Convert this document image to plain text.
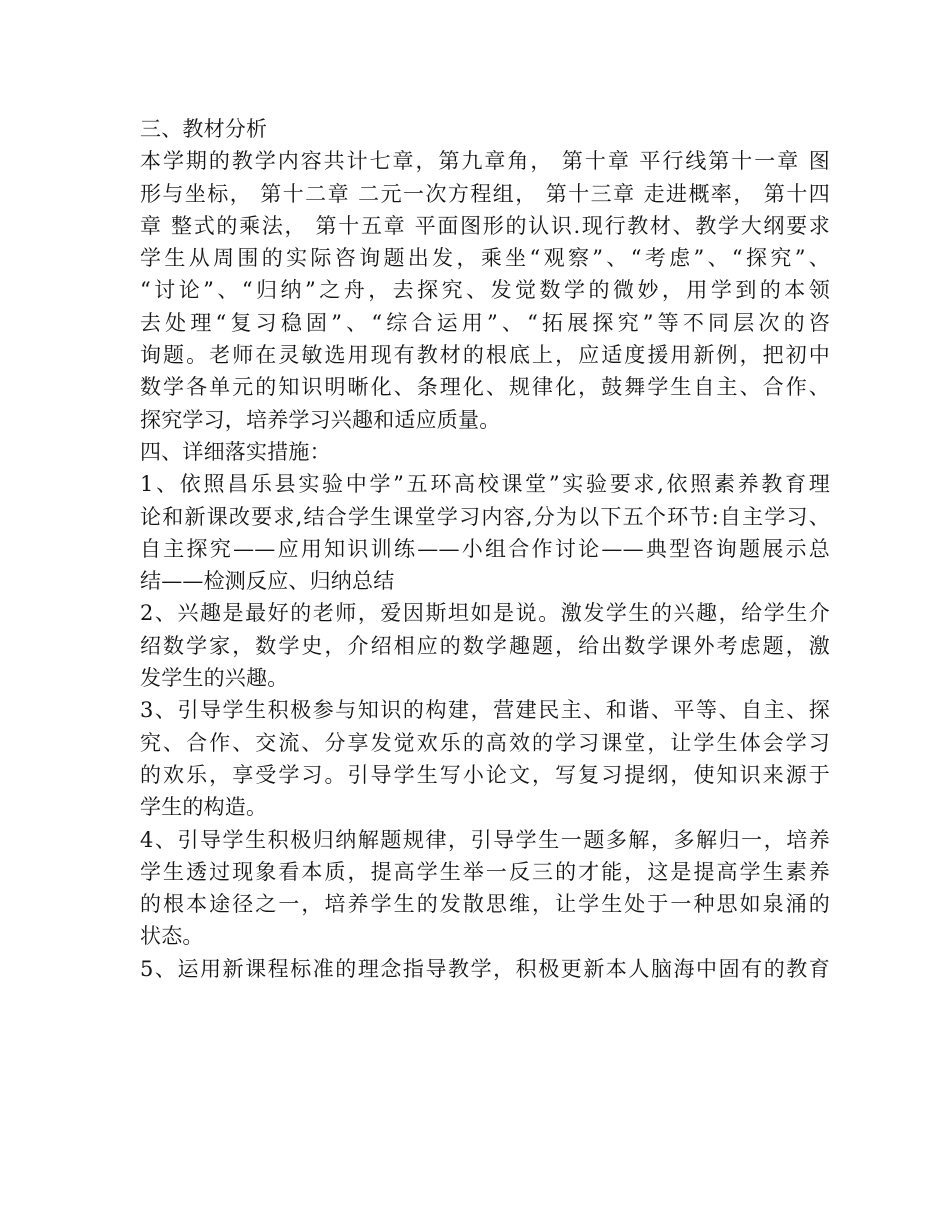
三、教材分析
本学期的教学内容共计七章，第九章角， 第十章 平行线第十一章 图
形与坐标， 第十二章 二元一次方程组， 第十三章 走进概率， 第十四
章 整式的乘法， 第十五章 平面图形的认识.现行教材、教学大纲要求
学生从周围的实际咨询题出发，乘坐“观察”、“考虑”、“探究”、
“讨论”、“归纳”之舟，去探究、发觉数学的微妙，用学到的本领
去处理“复习稳固”、“综合运用”、“拓展探究”等不同层次的咨
询题。老师在灵敏选用现有教材的根底上，应适度援用新例，把初中
数学各单元的知识明晰化、条理化、规律化，鼓舞学生自主、合作、
探究学习，培养学习兴趣和适应质量。
四、详细落实措施：
1、依照昌乐县实验中学”五环高校课堂”实验要求,依照素养教育理
论和新课改要求,结合学生课堂学习内容,分为以下五个环节:自主学习、
自主探究——应用知识训练——小组合作讨论——典型咨询题展示总
结——检测反应、归纳总结
2、兴趣是最好的老师，爱因斯坦如是说。激发学生的兴趣，给学生介
绍数学家，数学史，介绍相应的数学趣题，给出数学课外考虑题，激
发学生的兴趣。
3、引导学生积极参与知识的构建，营建民主、和谐、平等、自主、探
究、合作、交流、分享发觉欢乐的高效的学习课堂，让学生体会学习
的欢乐，享受学习。引导学生写小论文，写复习提纲，使知识来源于
学生的构造。
4、引导学生积极归纳解题规律，引导学生一题多解，多解归一，培养
学生透过现象看本质，提高学生举一反三的才能，这是提高学生素养
的根本途径之一，培养学生的发散思维，让学生处于一种思如泉涌的
状态。
5、运用新课程标准的理念指导教学，积极更新本人脑海中固有的教育
